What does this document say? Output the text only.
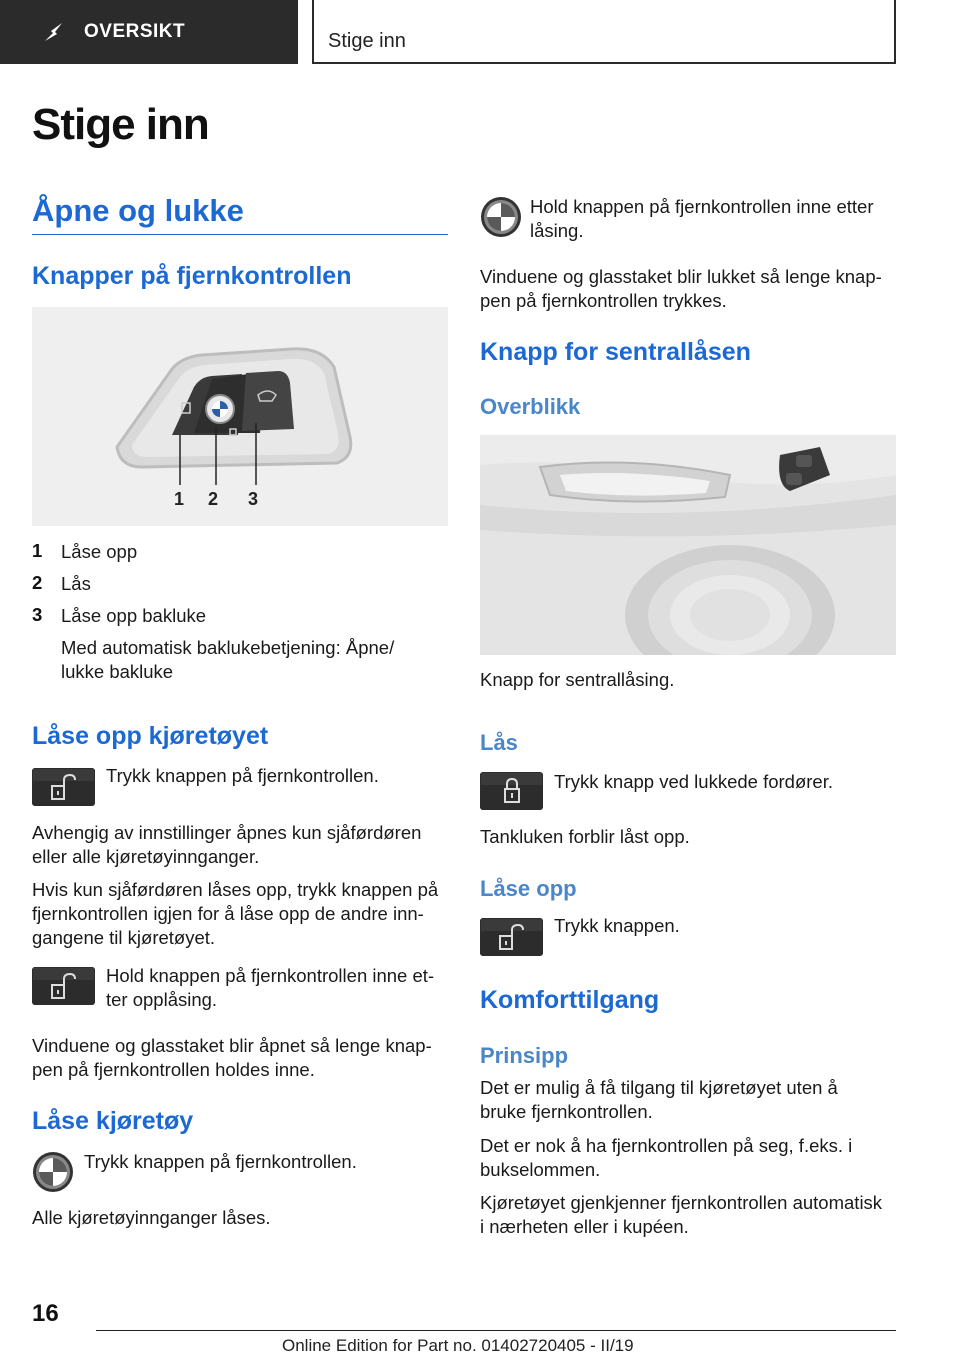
OVERSIKT	Stige inn
Stige inn
Åpne og lukke
Knapper på fjernkontrollen
1 2 3
1 Låse opp
2 Lås
3 Låse opp bakluke
Med automatisk baklukebetjening: Åpne/
lukke bakluke
Låse opp kjøretøyet
Trykk knappen på fjernkontrollen.
Avhengig av innstillinger åpnes kun sjåførdøren
eller alle kjøretøyinnganger.
Hvis kun sjåførdøren låses opp, trykk knappen på
fjernkontrollen igjen for å låse opp de andre inn-
gangene til kjøretøyet.
Hold knappen på fjernkontrollen inne et-
ter opplåsing.
Vinduene og glasstaket blir åpnet så lenge knap-
pen på fjernkontrollen holdes inne.
Låse kjøretøy
Trykk knappen på fjernkontrollen.
Alle kjøretøyinnganger låses.
Hold knappen på fjernkontrollen inne etter
låsing.
Vinduene og glasstaket blir lukket så lenge knap-
pen på fjernkontrollen trykkes.
Knapp for sentrallåsen
Overblikk
Knapp for sentrallåsing.
Lås
Trykk knapp ved lukkede fordører.
Tankluken forblir låst opp.
Låse opp
Trykk knappen.
Komforttilgang
Prinsipp
Det er mulig å få tilgang til kjøretøyet uten å
bruke fjernkontrollen.
Det er nok å ha fjernkontrollen på seg, f.eks. i
bukselommen.
Kjøretøyet gjenkjenner fjernkontrollen automatisk
i nærheten eller i kupéen.
16
Online Edition for Part no. 01402720405 - II/19
